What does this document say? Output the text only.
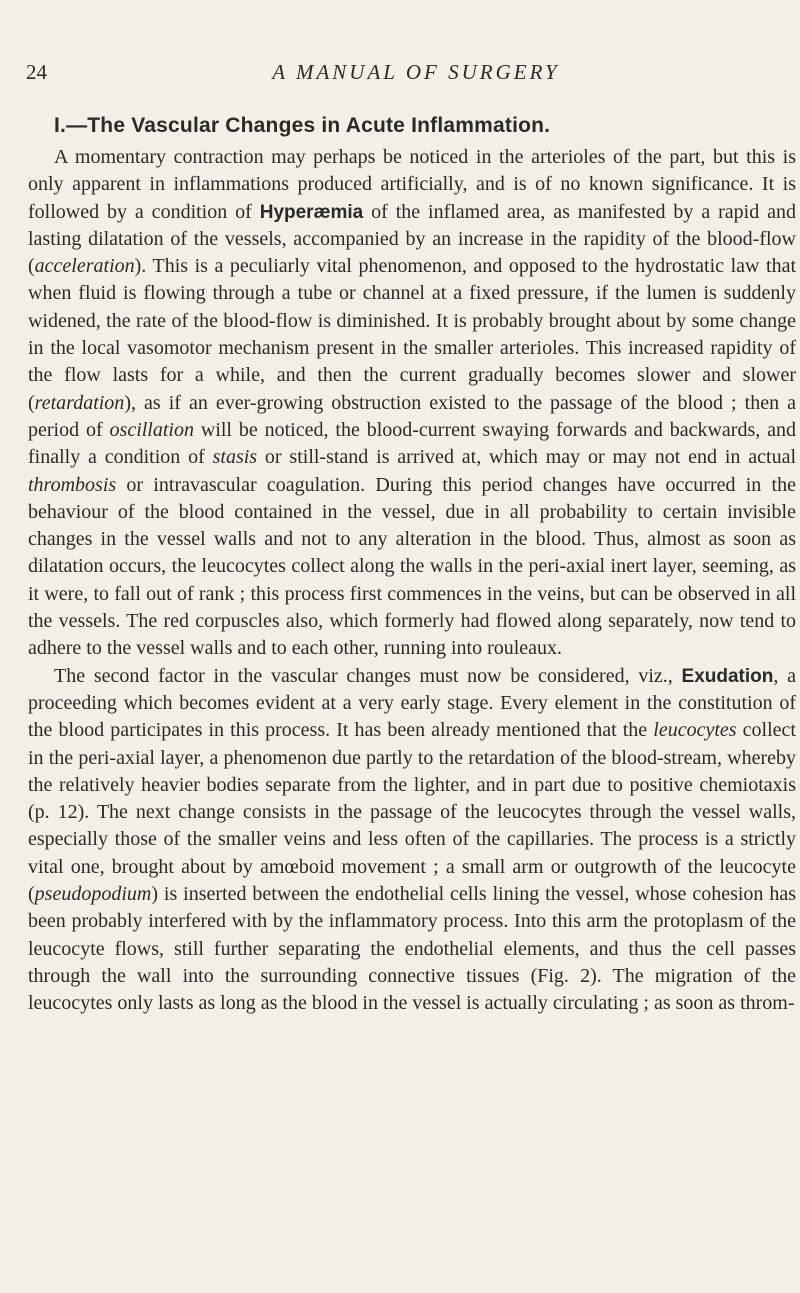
24	A MANUAL OF SURGERY
I.—The Vascular Changes in Acute Inflammation.

A momentary contraction may perhaps be noticed in the arterioles of the part, but this is only apparent in inflammations produced artificially, and is of no known significance. It is followed by a condition of Hyperæmia of the inflamed area, as manifested by a rapid and lasting dilatation of the vessels, accompanied by an increase in the rapidity of the blood-flow (acceleration). This is a peculiarly vital phenomenon, and opposed to the hydrostatic law that when fluid is flowing through a tube or channel at a fixed pressure, if the lumen is suddenly widened, the rate of the blood-flow is diminished. It is probably brought about by some change in the local vasomotor mechanism present in the smaller arterioles. This increased rapidity of the flow lasts for a while, and then the current gradually becomes slower and slower (retardation), as if an ever-growing obstruction existed to the passage of the blood ; then a period of oscillation will be noticed, the blood-current swaying forwards and backwards, and finally a condition of stasis or still-stand is arrived at, which may or may not end in actual thrombosis or intravascular coagulation. During this period changes have occurred in the behaviour of the blood contained in the vessel, due in all probability to certain invisible changes in the vessel walls and not to any alteration in the blood. Thus, almost as soon as dilatation occurs, the leucocytes collect along the walls in the peri-axial inert layer, seeming, as it were, to fall out of rank ; this process first commences in the veins, but can be observed in all the vessels. The red corpuscles also, which formerly had flowed along separately, now tend to adhere to the vessel walls and to each other, running into rouleaux.

The second factor in the vascular changes must now be considered, viz., Exudation, a proceeding which becomes evident at a very early stage. Every element in the constitution of the blood participates in this process. It has been already mentioned that the leucocytes collect in the peri-axial layer, a phenomenon due partly to the retardation of the blood-stream, whereby the relatively heavier bodies separate from the lighter, and in part due to positive chemiotaxis (p. 12). The next change consists in the passage of the leucocytes through the vessel walls, especially those of the smaller veins and less often of the capillaries. The process is a strictly vital one, brought about by amœboid movement ; a small arm or outgrowth of the leucocyte (pseudopodium) is inserted between the endothelial cells lining the vessel, whose cohesion has been probably interfered with by the inflammatory process. Into this arm the protoplasm of the leucocyte flows, still further separating the endothelial elements, and thus the cell passes through the wall into the surrounding connective tissues (Fig. 2). The migration of the leucocytes only lasts as long as the blood in the vessel is actually circulating ; as soon as throm-
